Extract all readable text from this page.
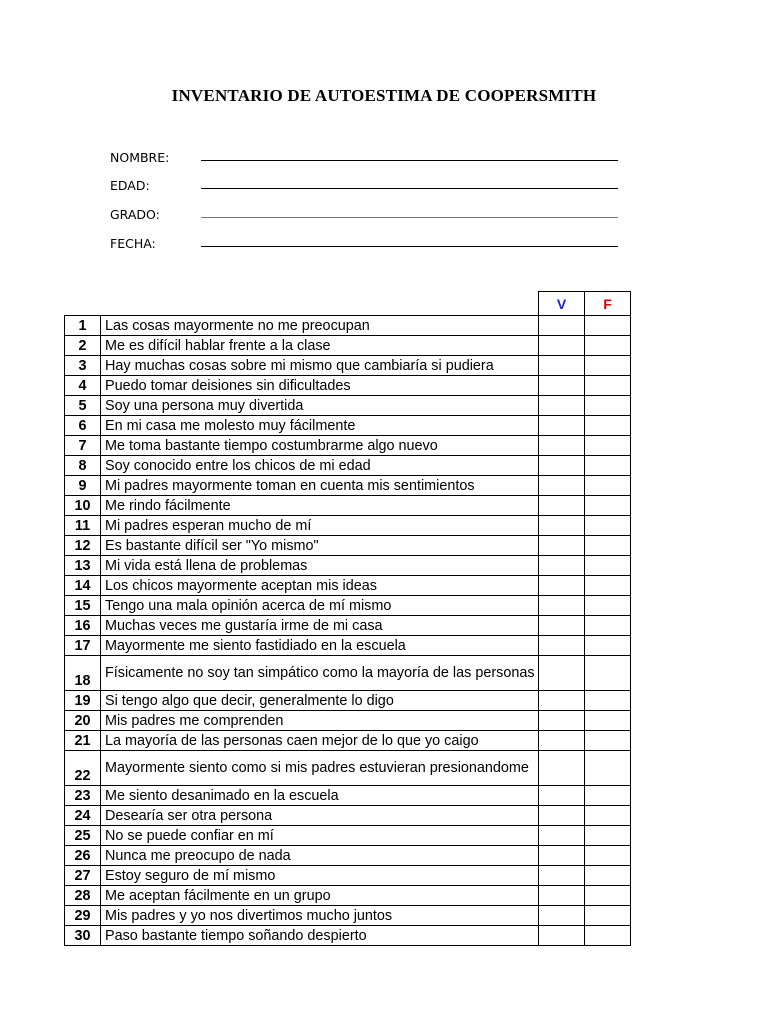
INVENTARIO DE AUTOESTIMA DE COOPERSMITH
NOMBRE:
EDAD:
GRADO:
FECHA:
		V	F
1	Las cosas mayormente no me preocupan		
2	Me es difícil hablar frente a la clase		
3	Hay muchas cosas sobre mi mismo que cambiaría si pudiera		
4	Puedo tomar deisiones sin dificultades		
5	Soy una persona muy divertida		
6	En mi casa me molesto muy fácilmente		
7	Me toma bastante tiempo costumbrarme algo nuevo		
8	Soy conocido entre los chicos de mi edad		
9	Mi padres mayormente toman en cuenta mis sentimientos		
10	Me rindo fácilmente		
11	Mi padres esperan mucho de mí		
12	Es bastante difícil ser "Yo mismo"		
13	Mi vida está llena de problemas		
14	Los chicos mayormente aceptan mis ideas		
15	Tengo una mala opinión acerca de mí mismo		
16	Muchas veces me gustaría irme de mi casa		
17	Mayormente me siento fastidiado en la escuela		
18	Físicamente no soy tan simpático como la mayoría de las personas		
19	Si tengo algo que decir, generalmente lo digo		
20	Mis padres me comprenden		
21	La mayoría de las personas caen mejor de lo que yo caigo		
22	Mayormente siento como si mis padres estuvieran presionandome		
23	Me siento desanimado en la escuela		
24	Desearía ser otra persona		
25	No se puede confiar en mí		
26	Nunca me preocupo de nada		
27	Estoy seguro de mí mismo		
28	Me aceptan fácilmente en un grupo		
29	Mis padres y yo nos divertimos mucho juntos		
30	Paso bastante tiempo soñando despierto		
